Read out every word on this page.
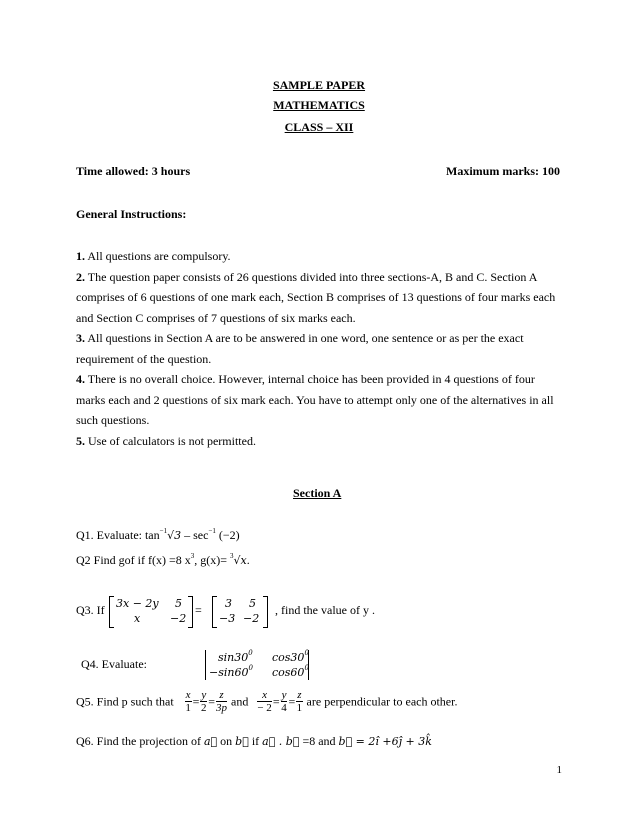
SAMPLE PAPER
MATHEMATICS
CLASS – XII
Time allowed: 3 hours	Maximum marks: 100
General Instructions:
1. All questions are compulsory.
2. The question paper consists of 26 questions divided into three sections-A, B and C. Section A comprises of 6 questions of one mark each, Section B comprises of 13 questions of four marks each and Section C comprises of 7 questions of six marks each.
3. All questions in Section A are to be answered in one word, one sentence or as per the exact requirement of the question.
4. There is no overall choice. However, internal choice has been provided in 4 questions of four marks each and 2 questions of six mark each. You have to attempt only one of the alternatives in all such questions.
5. Use of calculators is not permitted.
Section A
Q1. Evaluate: $\tan^{-1}√3 - \sec^{-1} (-2)$
Q2 Find gof if f(x) =8 $x^3$, g(x)= $^3$√x.
Q3. If 3x − 2y 5
x	−2
= 3 5
−3 −2
, find the value of y .
Q4. Evaluate:	$\sin 30^0$ $\cos 30^0$
$-\sin 60^0$ $\cos 60^0$
Q5. Find p such that $\frac{x}{1} = \frac{y}{2} = \frac{z}{3p}$ and $\frac{x}{- 2} = \frac{y}{4} = \frac{z}{1}$ are perpendicular to each other.
Q6. Find the projection of a⃗ on b⃗ if a⃗ . b⃗ =8 and b⃗ = 2î +6ĵ + 3k̂
1
